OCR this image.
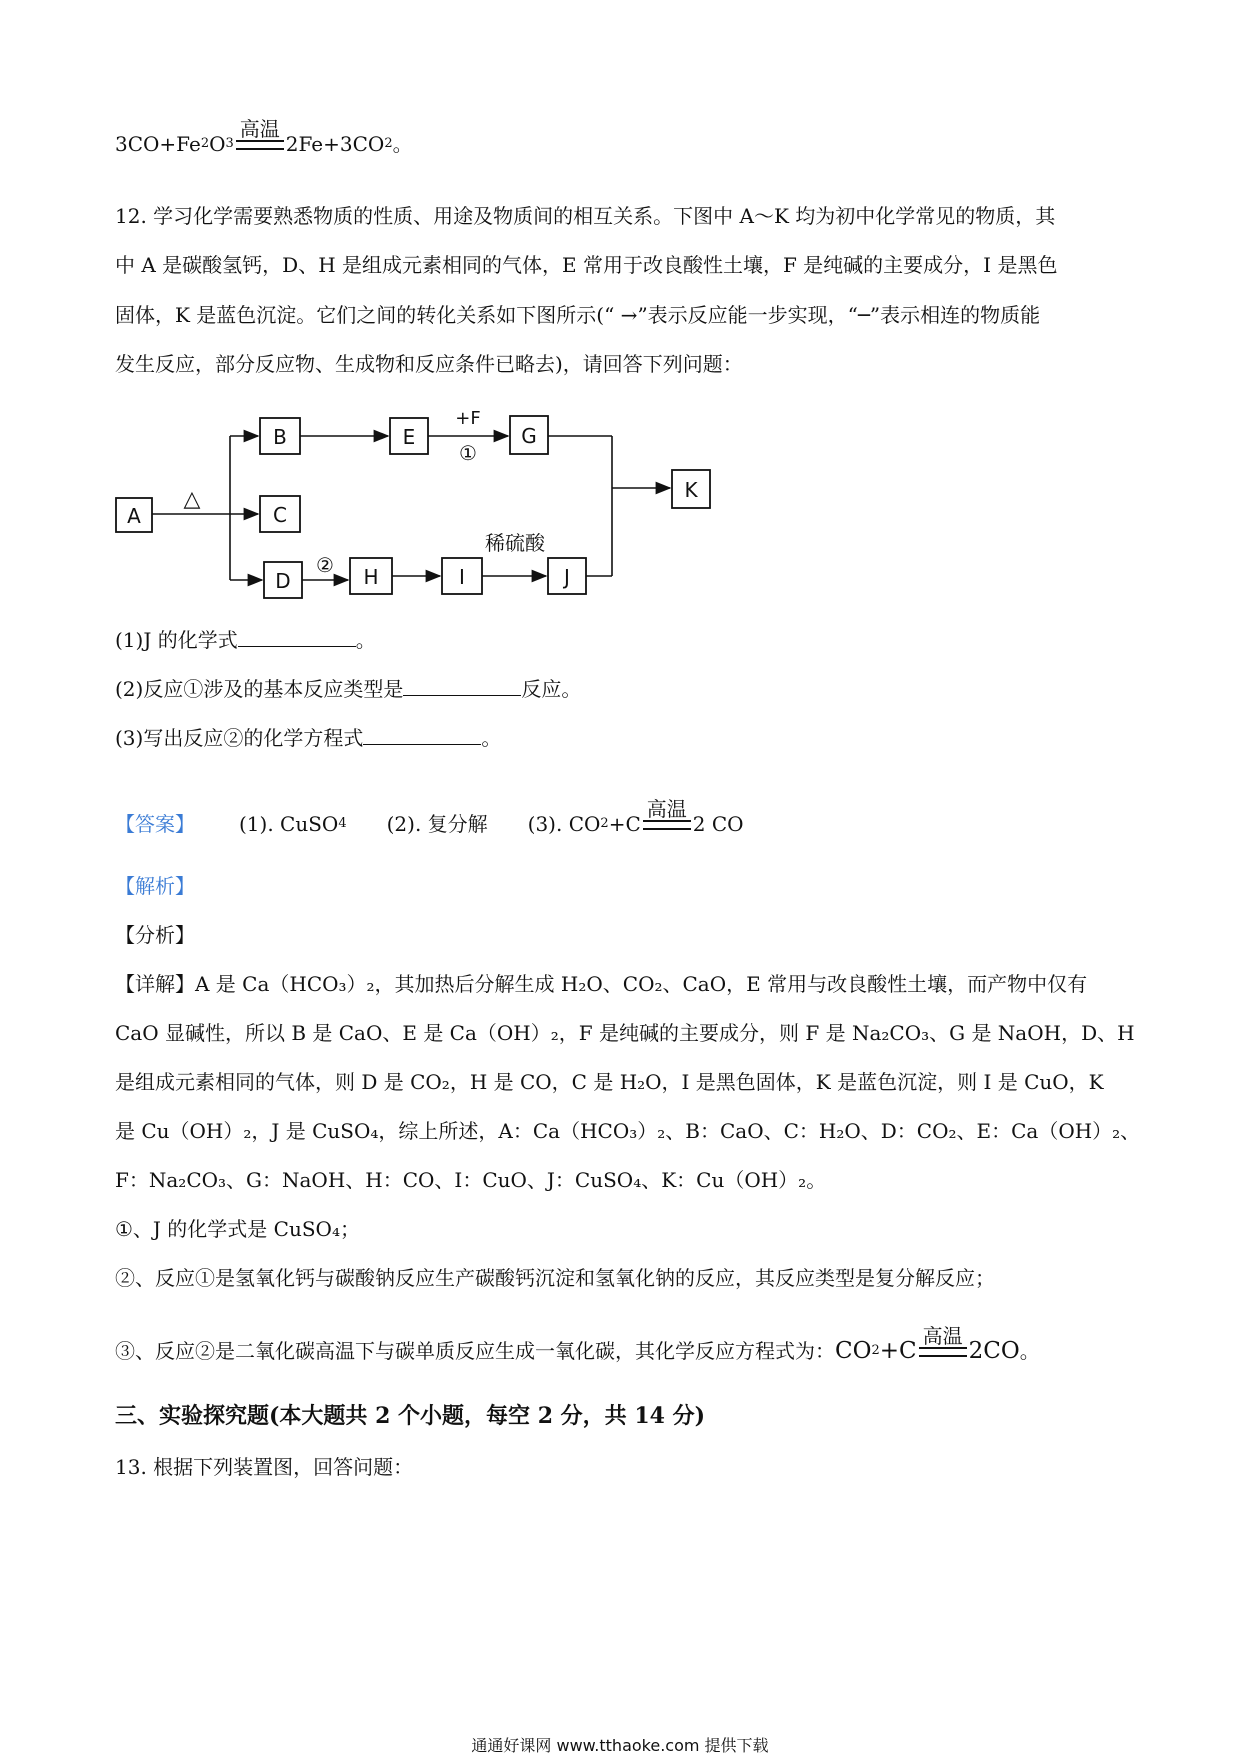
3CO+Fe 2 O 3
高温
2Fe+3CO 2 。
12. 学习化学需要熟悉物质的性质、用途及物质间的相互关系。下图中 A～K 均为初中化学常见的物质，其
中 A 是碳酸氢钙，D、H 是组成元素相同的气体，E 常用于改良酸性土壤，F 是纯碱的主要成分，I 是黑色
固体，K 是蓝色沉淀。它们之间的转化关系如下图所示(“ →”表示反应能一步实现，“─”表示相连的物质能
发生反应，部分反应物、生成物和反应条件已略去)，请回答下列问题：
A
B
C
D
E	G
H	I	J
K
△
+F
①
②
稀硫酸
(1)J 的化学式	。
(2)反应①涉及的基本反应类型是	反应。
(3)写出反应②的化学方程式	。
【答案】 (1). CuSO 4 (2). 复分解 (3). CO 2 +C
高温
2 CO
【解析】
【分析】
【详解】A 是 Ca（HCO₃）₂，其加热后分解生成 H₂O、CO₂、CaO，E 常用与改良酸性土壤，而产物中仅有
CaO 显碱性，所以 B 是 CaO、E 是 Ca（OH）₂，F 是纯碱的主要成分，则 F 是 Na₂CO₃、G 是 NaOH，D、H
是组成元素相同的气体，则 D 是 CO₂，H 是 CO，C 是 H₂O，I 是黑色固体，K 是蓝色沉淀，则 I 是 CuO，K
是 Cu（OH）₂，J 是 CuSO₄，综上所述，A：Ca（HCO₃）₂、B：CaO、C：H₂O、D：CO₂、E：Ca（OH）₂、
F：Na₂CO₃、G：NaOH、H：CO、I：CuO、J：CuSO₄、K：Cu（OH）₂。
①、J 的化学式是 CuSO₄；
②、反应①是氢氧化钙与碳酸钠反应生产碳酸钙沉淀和氢氧化钠的反应，其反应类型是复分解反应；
③、反应②是二氧化碳高温下与碳单质反应生成一氧化碳，其化学反应方程式为： CO 2 +C
高温
2CO 。
三、实验探究题(本大题共 2 个小题，每空 2 分，共 14 分)
13. 根据下列装置图，回答问题：
通通好课网 www.tthaoke.com 提供下载
